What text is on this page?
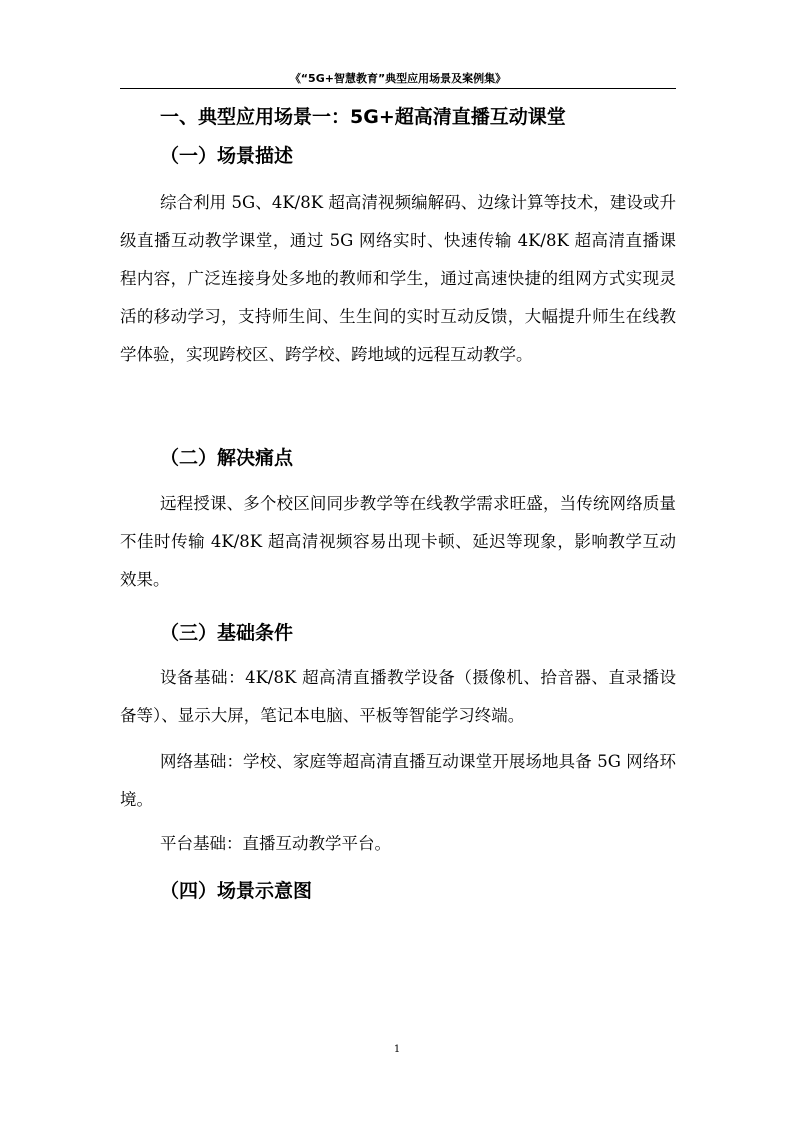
《“5G+智慧教育”典型应用场景及案例集》
一、典型应用场景一：5G+超高清直播互动课堂
（一）场景描述

综合利用 5G、4K/8K 超高清视频编解码、边缘计算等技术，建设或升级直播互动教学课堂，通过 5G 网络实时、快速传输 4K/8K 超高清直播课程内容，广泛连接身处多地的教师和学生，通过高速快捷的组网方式实现灵活的移动学习，支持师生间、生生间的实时互动反馈，大幅提升师生在线教学体验，实现跨校区、跨学校、跨地域的远程互动教学。

（二）解决痛点

远程授课、多个校区间同步教学等在线教学需求旺盛，当传统网络质量不佳时传输 4K/8K 超高清视频容易出现卡顿、延迟等现象，影响教学互动效果。

（三）基础条件

设备基础：4K/8K 超高清直播教学设备（摄像机、拾音器、直录播设备等）、显示大屏，笔记本电脑、平板等智能学习终端。

网络基础：学校、家庭等超高清直播互动课堂开展场地具备 5G 网络环境。

平台基础：直播互动教学平台。

（四）场景示意图
1
